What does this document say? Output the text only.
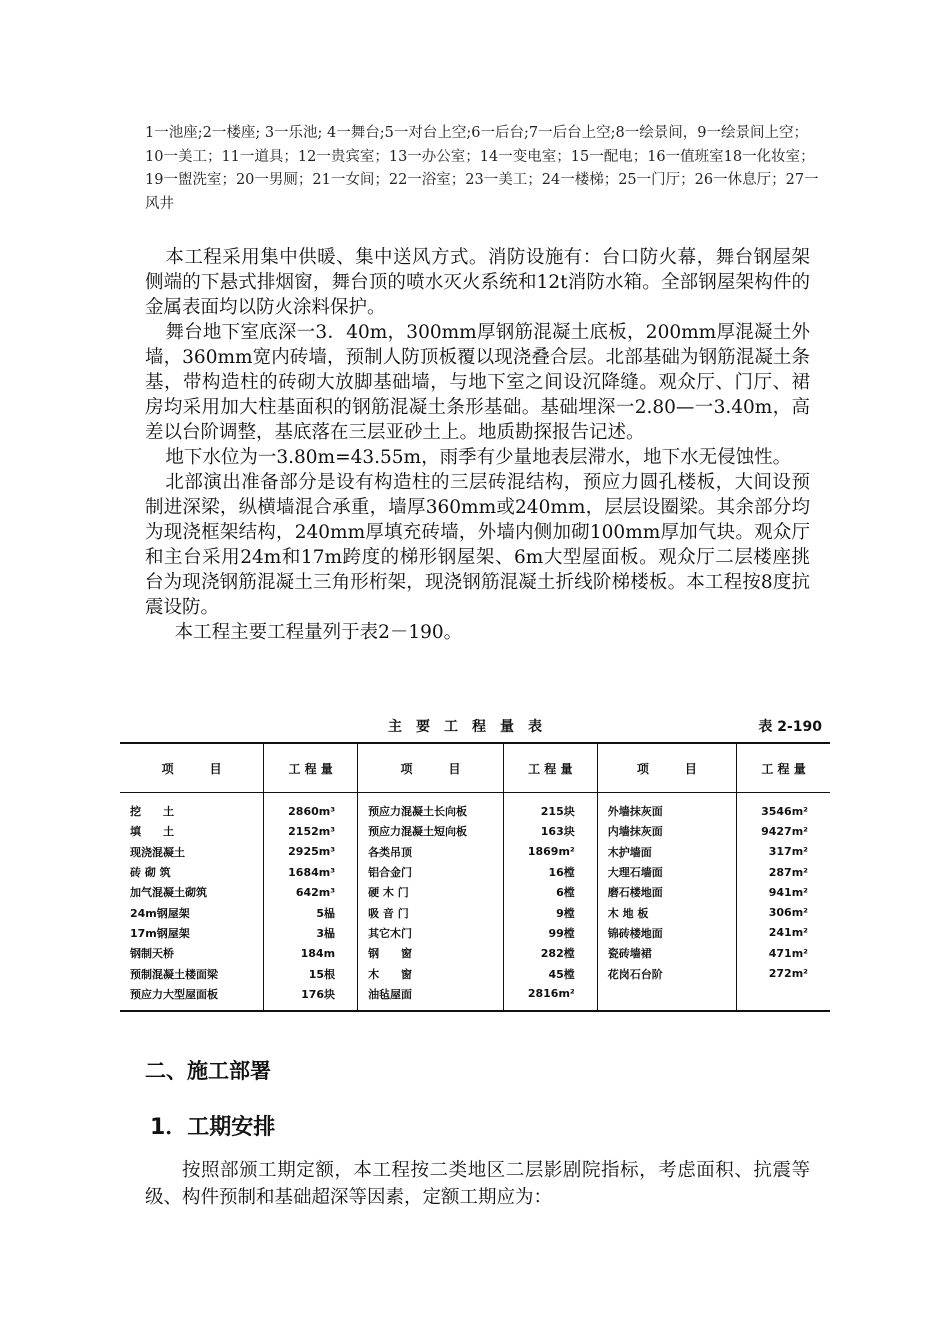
1一池座;2一楼座; 3一乐池; 4一舞台;5一对台上空;6一后台;7一后台上空;8一绘景间，9一绘景间上空；10一美工；11一道具；12一贵宾室；13一办公室；14一变电室；15一配电；16一值班室18一化妆室；19一盥洗室；20一男厕；21一女间；22一浴室；23一美工；24一楼梯；25一门厅；26一休息厅；27一风井

本工程采用集中供暖、集中送风方式。消防设施有：台口防火幕，舞台钢屋架侧端的下悬式排烟窗，舞台顶的喷水灭火系统和12t消防水箱。全部钢屋架构件的金属表面均以防火涂料保护。

舞台地下室底深一3．40m，300mm厚钢筋混凝土底板，200mm厚混凝土外墙，360mm宽内砖墙，预制人防顶板覆以现浇叠合层。北部基础为钢筋混凝土条基，带构造柱的砖砌大放脚基础墙，与地下室之间设沉降缝。观众厅、门厅、裙房均采用加大柱基面积的钢筋混凝土条形基础。基础埋深一2.80—一3.40m，高差以台阶调整，基底落在三层亚砂土上。地质勘探报告记述。

地下水位为一3.80m=43.55m，雨季有少量地表层滞水，地下水无侵蚀性。

北部演出准备部分是设有构造柱的三层砖混结构，预应力圆孔楼板，大间设预制进深梁，纵横墙混合承重，墙厚360mm或240mm，层层设圈梁。其余部分均为现浇框架结构，240mm厚填充砖墙，外墙内侧加砌100mm厚加气块。观众厅和主台采用24m和17m跨度的梯形钢屋架、6m大型屋面板。观众厅二层楼座挑台为现浇钢筋混凝土三角形桁架，现浇钢筋混凝土折线阶梯楼板。本工程按8度抗震设防。

本工程主要工程量列于表2－190。

主要工程量表	表 2-190
项　　　目	工 程 量	项　　　目	工 程 量	项　　　目	工 程 量
挖　　土	2860m³	预应力混凝土长向板	215块	外墙抹灰面	3546m²
填　　土	2152m³	预应力混凝土短向板	163块	内墙抹灰面	9427m²
现浇混凝土	2925m³	各类吊顶	1869m²	木护墙面	317m²
砖 砌 筑	1684m³	铝合金门	16樘	大理石墙面	287m²
加气混凝土砌筑	642m³	硬 木 门	6樘	磨石楼地面	941m²
24m钢屋架	5榀	吸 音 门	9樘	木 地 板	306m²
17m钢屋架	3榀	其它木门	99樘	锦砖楼地面	241m²
钢制天桥	184m	钢　　窗	282樘	瓷砖墙裙	471m²
预制混凝土楼面梁	15根	木　　窗	45樘	花岗石台阶	272m²
预应力大型屋面板	176块	油毡屋面	2816m²		
二、施工部署
1．工期安排

按照部颁工期定额，本工程按二类地区二层影剧院指标，考虑面积、抗震等级、构件预制和基础超深等因素，定额工期应为：
